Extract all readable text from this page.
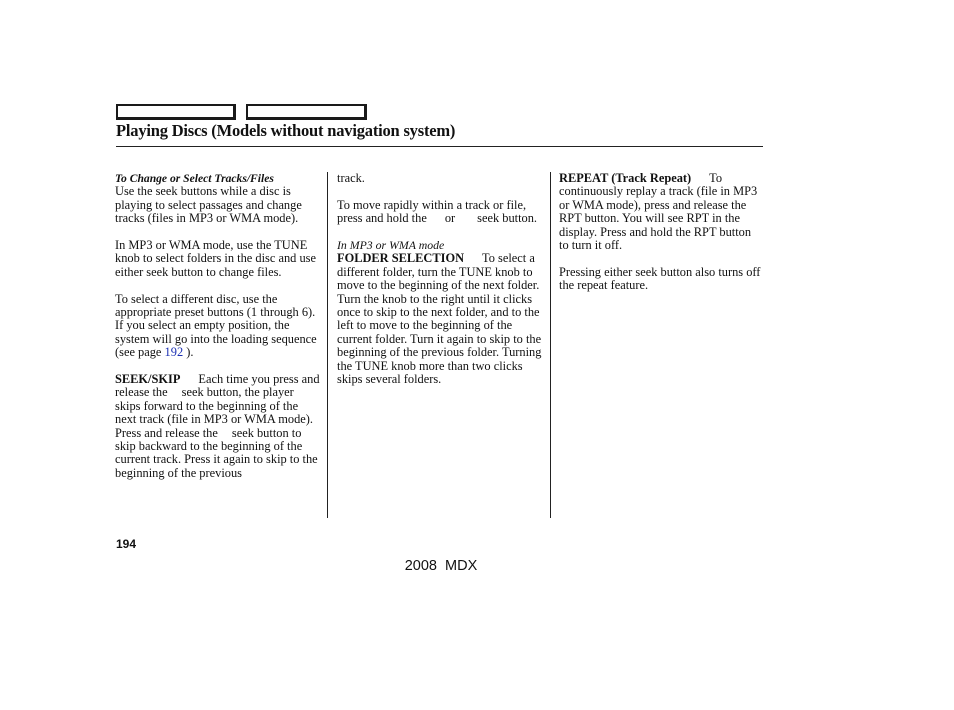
Playing Discs (Models without navigation system)

To Change or Select Tracks/Files
Use the seek buttons while a disc is playing to select passages and change tracks (files in MP3 or WMA mode).

In MP3 or WMA mode, use the TUNE knob to select folders in the disc and use either seek button to change files.

To select a different disc, use the appropriate preset buttons (1 through 6). If you select an empty position, the system will go into the loading sequence (see page 192 ).

SEEK/SKIP Each time you press and release the seek button, the player skips forward to the beginning of the next track (file in MP3 or WMA mode). Press and release the seek button to skip backward to the beginning of the current track. Press it again to skip to the beginning of the previous

track.

To move rapidly within a track or file, press and hold the or seek button.

In MP3 or WMA mode

FOLDER SELECTION To select a different folder, turn the TUNE knob to move to the beginning of the next folder. Turn the knob to the right until it clicks once to skip to the next folder, and to the left to move to the beginning of the current folder. Turn it again to skip to the beginning of the previous folder. Turning the TUNE knob more than two clicks skips several folders.

REPEAT (Track Repeat) To continuously replay a track (file in MP3 or WMA mode), press and release the RPT button. You will see RPT in the display. Press and hold the RPT button to turn it off.

Pressing either seek button also turns off the repeat feature.

194
2008  MDX
